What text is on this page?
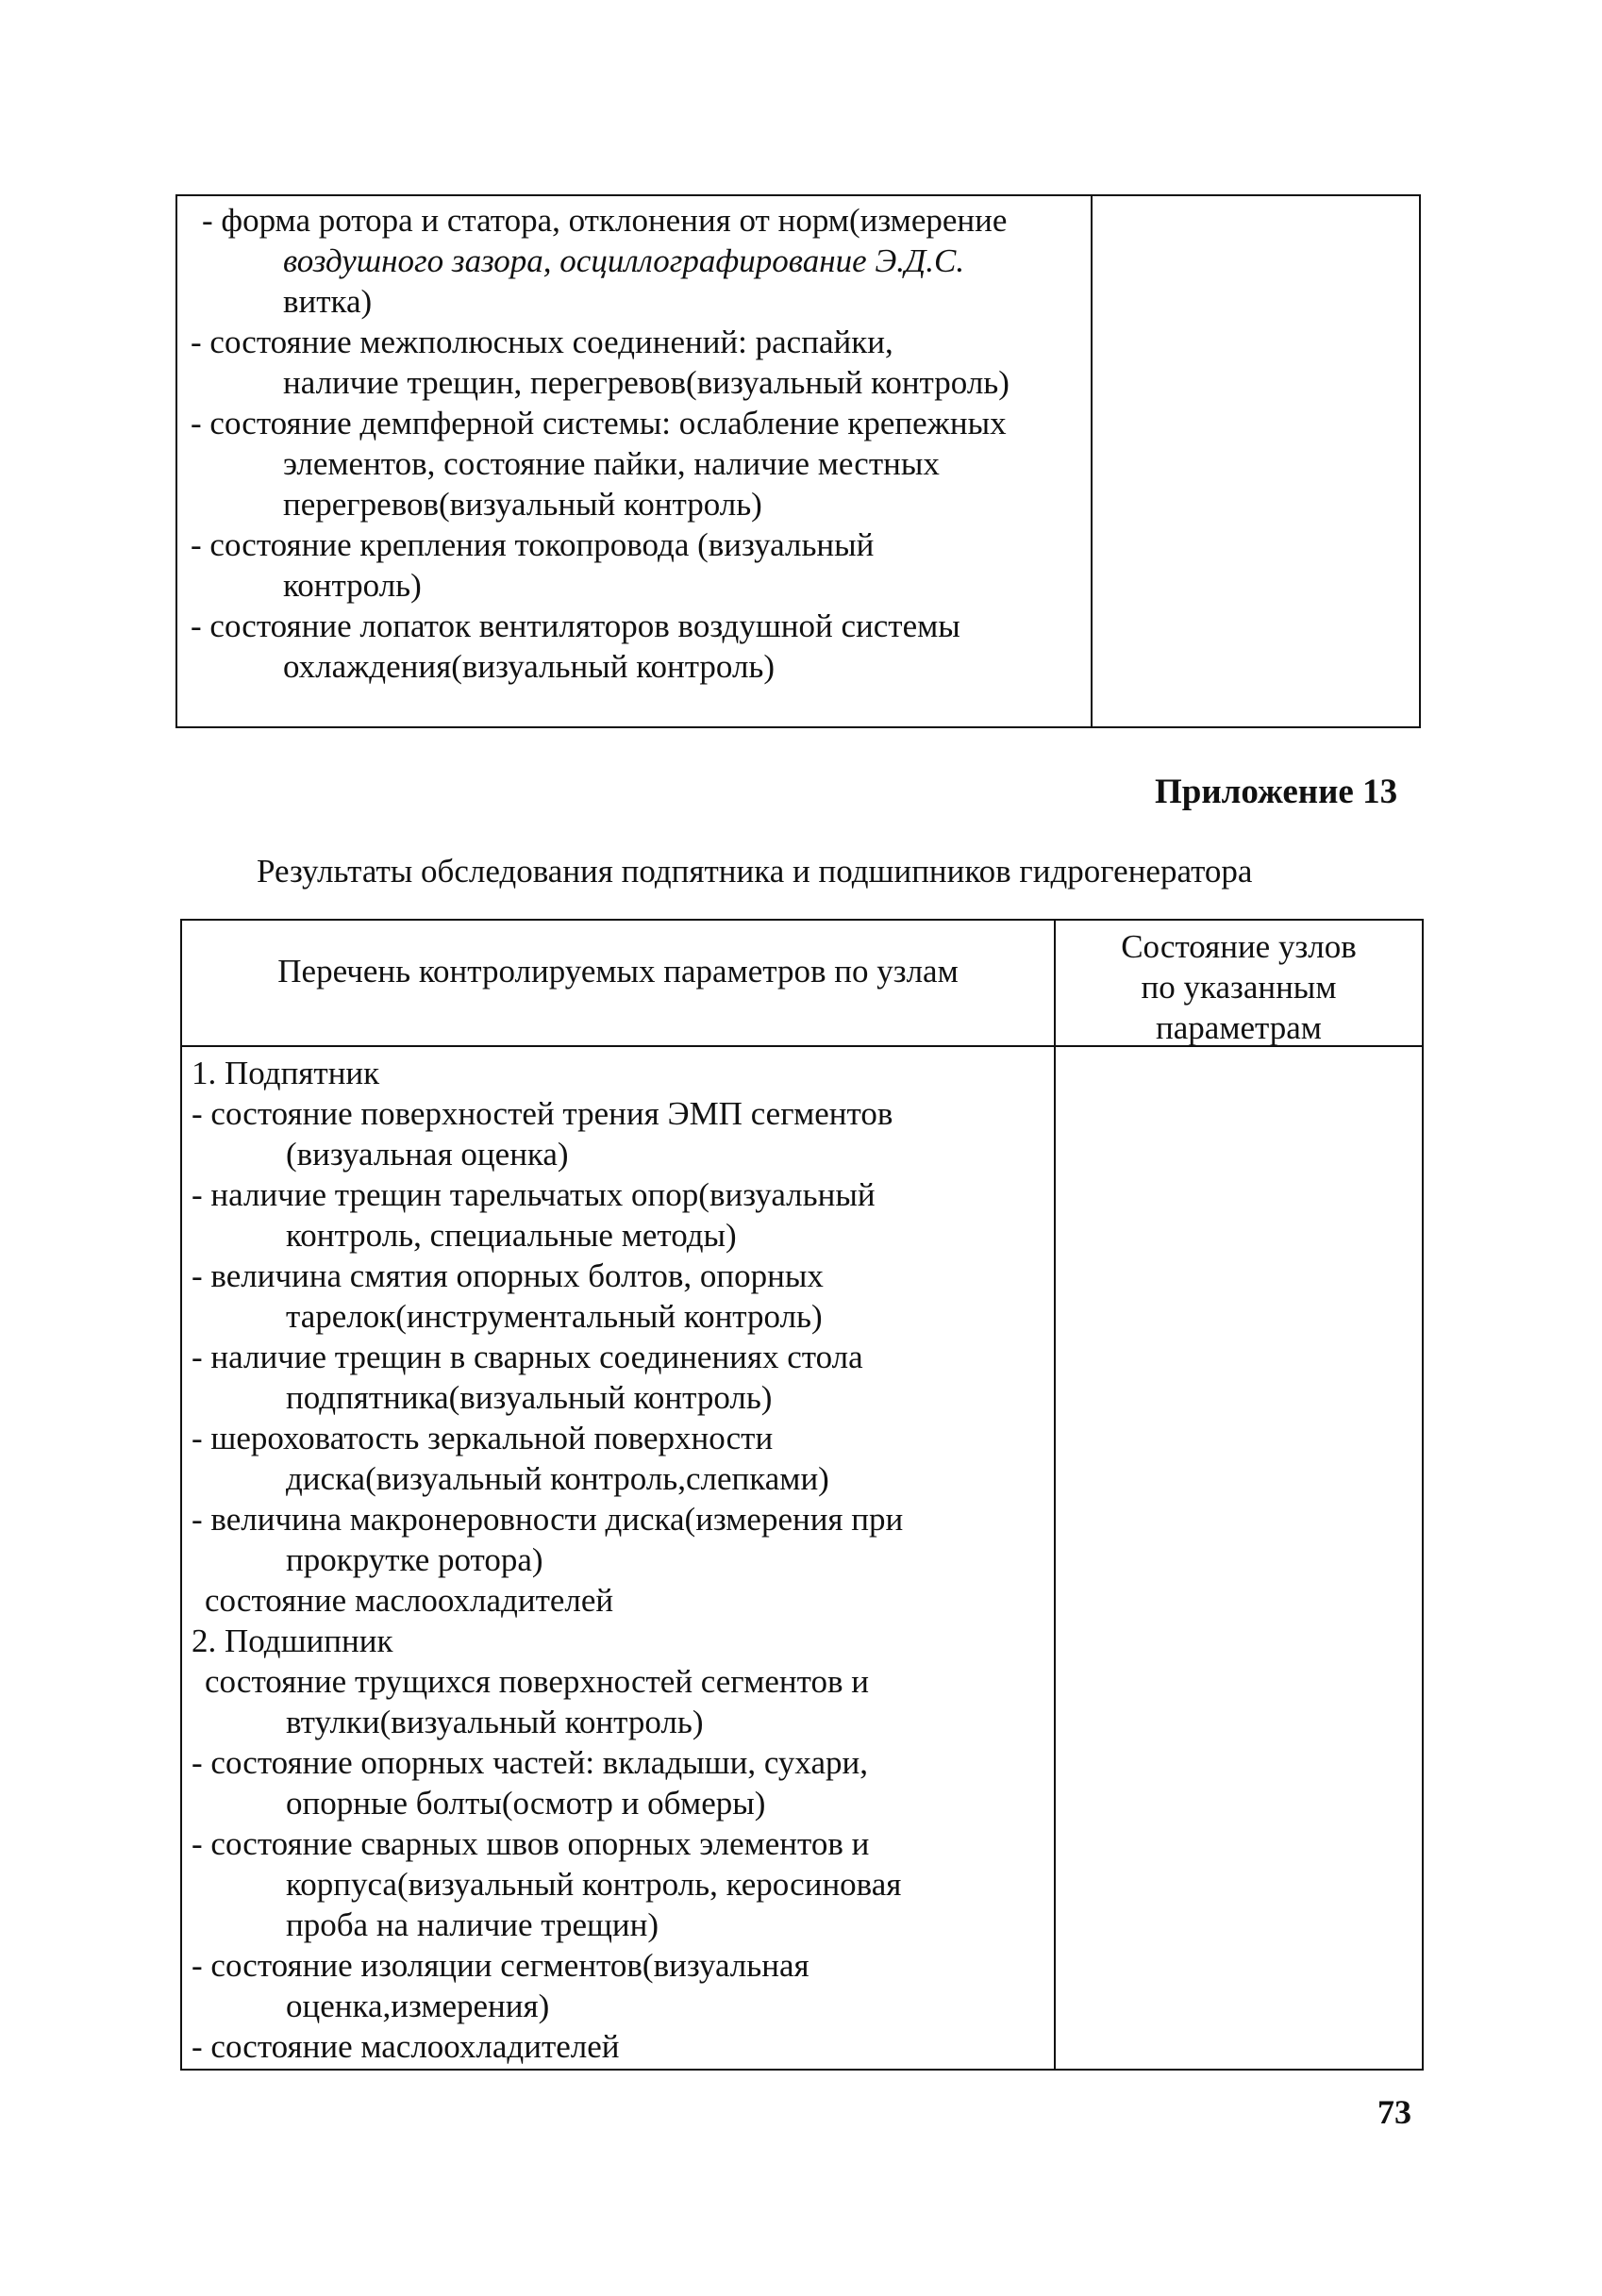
- форма ротора и статора, отклонения от норм(измерение
воздушного зазора, осциллографирование Э.Д.С.
витка)
- состояние межполюсных соединений: распайки,
наличие трещин, перегревов(визуальный контроль)
- состояние демпферной системы: ослабление крепежных
элементов, состояние пайки, наличие местных
перегревов(визуальный контроль)
- состояние крепления токопровода (визуальный
контроль)
- состояние лопаток вентиляторов воздушной системы
охлаждения(визуальный контроль)
Приложение 13
Результаты обследования подпятника и подшипников гидрогенератора
Перечень контролируемых параметров по узлам
Состояние узлов по указанным параметрам
1. Подпятник
- состояние поверхностей трения ЭМП сегментов
(визуальная оценка)
- наличие трещин тарельчатых опор(визуальный
контроль, специальные методы)
- величина смятия опорных болтов, опорных
тарелок(инструментальный контроль)
- наличие трещин в сварных соединениях стола
подпятника(визуальный контроль)
- шероховатость зеркальной поверхности
диска(визуальный контроль,слепками)
- величина макронеровности диска(измерения при
прокрутке ротора)
состояние маслоохладителей
2. Подшипник
состояние трущихся поверхностей сегментов и
втулки(визуальный контроль)
- состояние опорных частей: вкладыши, сухари,
опорные болты(осмотр и обмеры)
- состояние сварных швов опорных элементов и
корпуса(визуальный контроль, керосиновая
проба на наличие трещин)
- состояние изоляции сегментов(визуальная
оценка,измерения)
- состояние маслоохладителей
73
